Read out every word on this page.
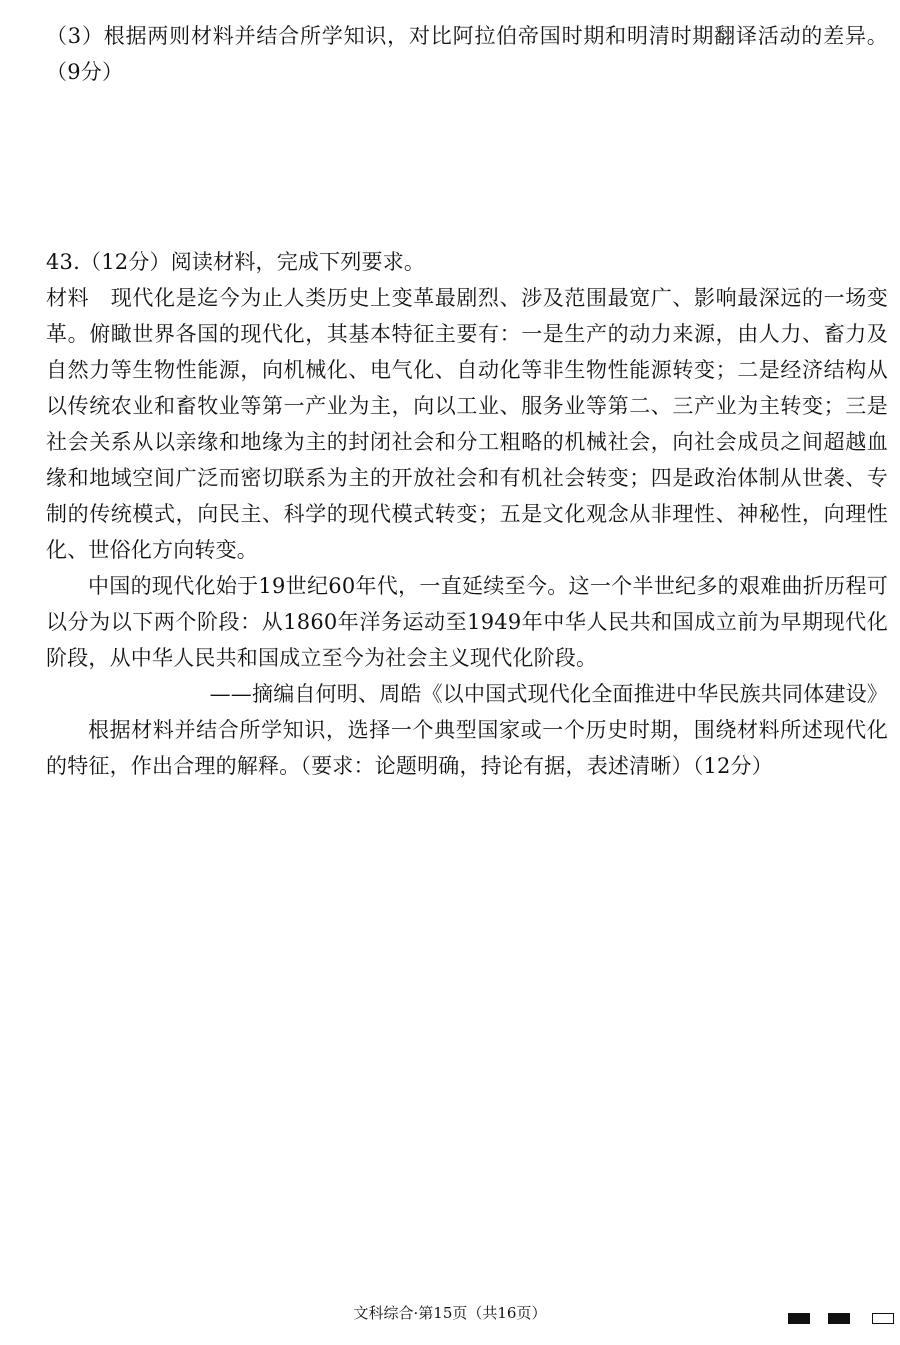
（3）根据两则材料并结合所学知识，对比阿拉伯帝国时期和明清时期翻译活动的差异。（9分）

43.（12分）阅读材料，完成下列要求。

材料　现代化是迄今为止人类历史上变革最剧烈、涉及范围最宽广、影响最深远的一场变革。俯瞰世界各国的现代化，其基本特征主要有：一是生产的动力来源，由人力、畜力及自然力等生物性能源，向机械化、电气化、自动化等非生物性能源转变；二是经济结构从以传统农业和畜牧业等第一产业为主，向以工业、服务业等第二、三产业为主转变；三是社会关系从以亲缘和地缘为主的封闭社会和分工粗略的机械社会，向社会成员之间超越血缘和地域空间广泛而密切联系为主的开放社会和有机社会转变；四是政治体制从世袭、专制的传统模式，向民主、科学的现代模式转变；五是文化观念从非理性、神秘性，向理性化、世俗化方向转变。

中国的现代化始于19世纪60年代，一直延续至今。这一个半世纪多的艰难曲折历程可以分为以下两个阶段：从1860年洋务运动至1949年中华人民共和国成立前为早期现代化阶段，从中华人民共和国成立至今为社会主义现代化阶段。

——摘编自何明、周皓《以中国式现代化全面推进中华民族共同体建设》

根据材料并结合所学知识，选择一个典型国家或一个历史时期，围绕材料所述现代化的特征，作出合理的解释。（要求：论题明确，持论有据，表述清晰）（12分）

文科综合·第15页（共16页）
